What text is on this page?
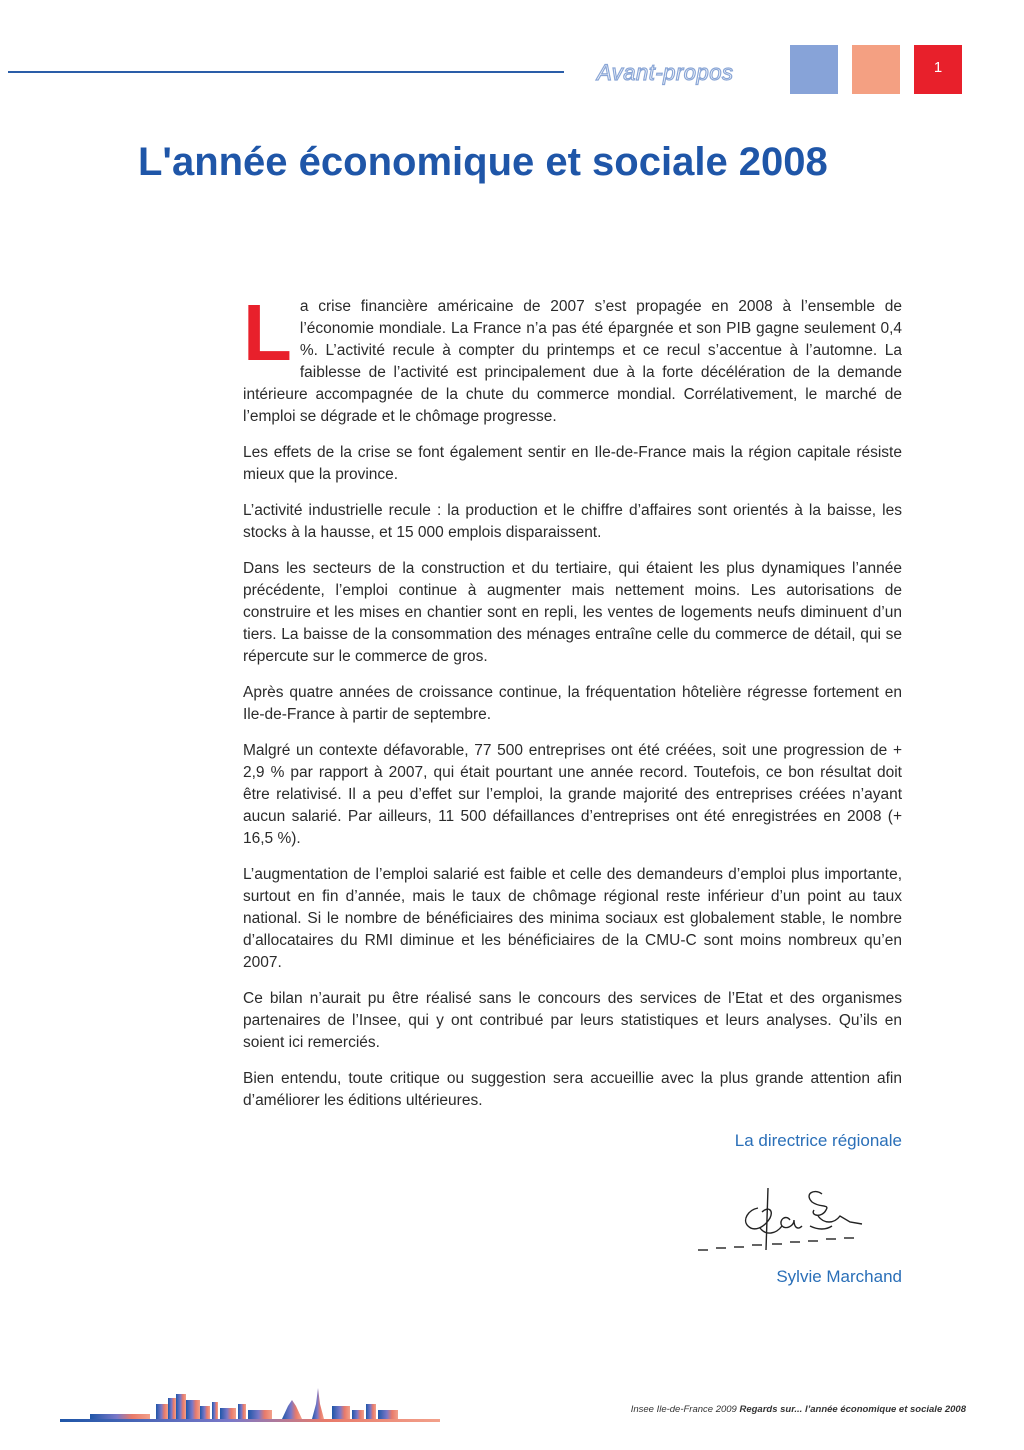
Avant-propos	1
L'année économique et sociale 2008

La crise financière américaine de 2007 s’est propagée en 2008 à l’ensemble de l’économie mondiale. La France n’a pas été épargnée et son PIB gagne seulement 0,4 %. L’activité recule à compter du printemps et ce recul s’accentue à l’automne. La faiblesse de l’activité est principalement due à la forte décélération de la demande intérieure accompagnée de la chute du commerce mondial. Corrélativement, le marché de l’emploi se dégrade et le chômage progresse.

Les effets de la crise se font également sentir en Ile-de-France mais la région capitale résiste mieux que la province.

L’activité industrielle recule : la production et le chiffre d’affaires sont orientés à la baisse, les stocks à la hausse, et 15 000 emplois disparaissent.

Dans les secteurs de la construction et du tertiaire, qui étaient les plus dynamiques l’année précédente, l’emploi continue à augmenter mais nettement moins. Les autorisations de construire et les mises en chantier sont en repli, les ventes de logements neufs diminuent d’un tiers. La baisse de la consommation des ménages entraîne celle du commerce de détail, qui se répercute sur le commerce de gros.

Après quatre années de croissance continue, la fréquentation hôtelière régresse fortement en Ile-de-France à partir de septembre.

Malgré un contexte défavorable, 77 500 entreprises ont été créées, soit une progression de + 2,9 % par rapport à 2007, qui était pourtant une année record. Toutefois, ce bon résultat doit être relativisé. Il a peu d’effet sur l’emploi, la grande majorité des entreprises créées n’ayant aucun salarié. Par ailleurs, 11 500 défaillances d’entreprises ont été enregistrées en 2008 (+ 16,5 %).

L’augmentation de l’emploi salarié est faible et celle des demandeurs d’emploi plus importante, surtout en fin d’année, mais le taux de chômage régional reste inférieur d’un point au taux national. Si le nombre de bénéficiaires des minima sociaux est globalement stable, le nombre d’allocataires du RMI diminue et les bénéficiaires de la CMU-C sont moins nombreux qu’en 2007.

Ce bilan n’aurait pu être réalisé sans le concours des services de l’Etat et des organismes partenaires de l’Insee, qui y ont contribué par leurs statistiques et leurs analyses. Qu’ils en soient ici remerciés.

Bien entendu, toute critique ou suggestion sera accueillie avec la plus grande attention afin d’améliorer les éditions ultérieures.

La directrice régionale
Sylvie Marchand
Insee Ile-de-France 2009 Regards sur... l’année économique et sociale 2008
